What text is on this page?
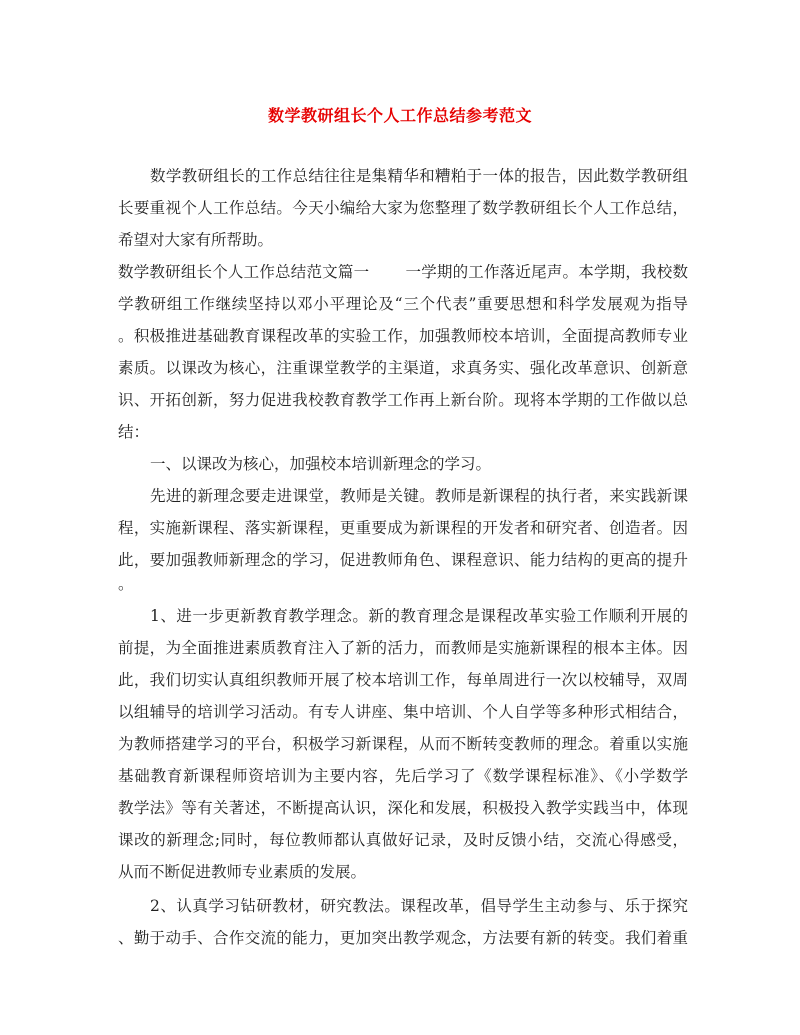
数学教研组长个人工作总结参考范文
数学教研组长的工作总结往往是集精华和糟粕于一体的报告，因此数学教研组
长要重视个人工作总结。今天小编给大家为您整理了数学教研组长个人工作总结，
希望对大家有所帮助。
数学教研组长个人工作总结范文篇一 一学期的工作落近尾声。本学期，我校数
学教研组工作继续坚持以邓小平理论及“三个代表”重要思想和科学发展观为指导
。积极推进基础教育课程改革的实验工作，加强教师校本培训，全面提高教师专业
素质。以课改为核心，注重课堂教学的主渠道，求真务实、强化改革意识、创新意
识、开拓创新，努力促进我校教育教学工作再上新台阶。现将本学期的工作做以总
结：
一、以课改为核心，加强校本培训新理念的学习。
先进的新理念要走进课堂，教师是关键。教师是新课程的执行者，来实践新课
程，实施新课程、落实新课程，更重要成为新课程的开发者和研究者、创造者。因
此，要加强教师新理念的学习，促进教师角色、课程意识、能力结构的更高的提升
。
1、进一步更新教育教学理念。新的教育理念是课程改革实验工作顺利开展的
前提，为全面推进素质教育注入了新的活力，而教师是实施新课程的根本主体。因
此，我们切实认真组织教师开展了校本培训工作，每单周进行一次以校辅导，双周
以组辅导的培训学习活动。有专人讲座、集中培训、个人自学等多种形式相结合，
为教师搭建学习的平台，积极学习新课程，从而不断转变教师的理念。着重以实施
基础教育新课程师资培训为主要内容，先后学习了《数学课程标准》、《小学数学
教学法》等有关著述，不断提高认识，深化和发展，积极投入教学实践当中，体现
课改的新理念;同时，每位教师都认真做好记录，及时反馈小结，交流心得感受，
从而不断促进教师专业素质的发展。
2、认真学习钻研教材，研究教法。课程改革，倡导学生主动参与、乐于探究
、勤于动手、合作交流的能力，更加突出教学观念，方法要有新的转变。我们着重
